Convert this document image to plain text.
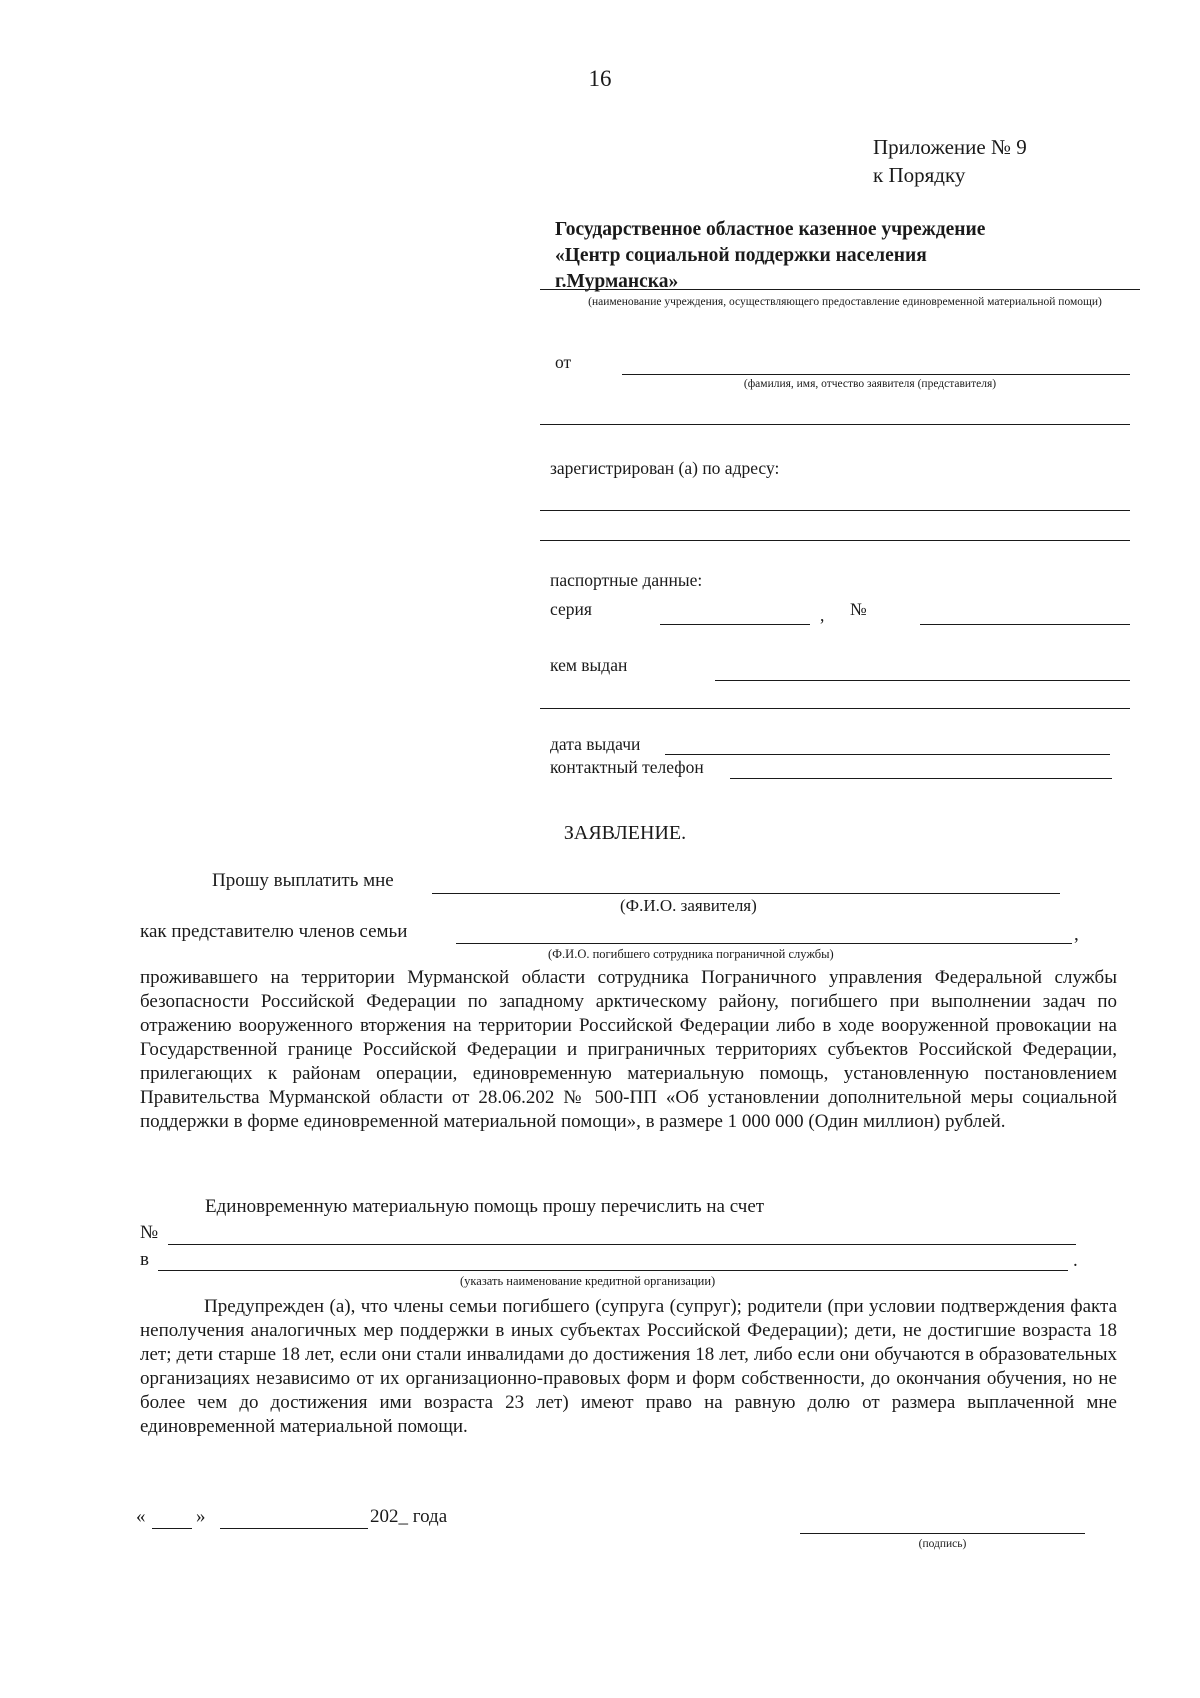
16
Приложение № 9
к Порядку
Государственное областное казенное учреждение
«Центр социальной поддержки населения
г.Мурманска»
(наименование учреждения, осуществляющего предоставление единовременной материальной помощи)
от
(фамилия, имя, отчество заявителя (представителя)
зарегистрирован (а) по адресу:
паспортные данные:
серия	, №
кем выдан
дата выдачи
контактный телефон
ЗАЯВЛЕНИЕ.
Прошу выплатить мне
(Ф.И.О. заявителя)
как представителю членов семьи	,
(Ф.И.О. погибшего сотрудника пограничной службы)
проживавшего на территории Мурманской области сотрудника Пограничного управления Федеральной службы безопасности Российской Федерации по западному арктическому району, погибшего при выполнении задач по отражению вооруженного вторжения на территории Российской Федерации либо в ходе вооруженной провокации на Государственной границе Российской Федерации и приграничных территориях субъектов Российской Федерации, прилегающих к районам операции, единовременную материальную помощь, установленную постановлением Правительства Мурманской области от 28.06.202 № 500-ПП «Об установлении дополнительной меры социальной поддержки в форме единовременной материальной помощи», в размере 1 000 000 (Один миллион) рублей.
Единовременную материальную помощь прошу перечислить на счет
№
в	.
(указать наименование кредитной организации)
Предупрежден (а), что члены семьи погибшего (супруга (супруг); родители (при условии подтверждения факта неполучения аналогичных мер поддержки в иных субъектах Российской Федерации); дети, не достигшие возраста 18 лет; дети старше 18 лет, если они стали инвалидами до достижения 18 лет, либо если они обучаются в образовательных организациях независимо от их организационно-правовых форм и форм собственности, до окончания обучения, но не более чем до достижения ими возраста 23 лет) имеют право на равную долю от размера выплаченной мне единовременной материальной помощи.
«	»	202_ года
(подпись)
